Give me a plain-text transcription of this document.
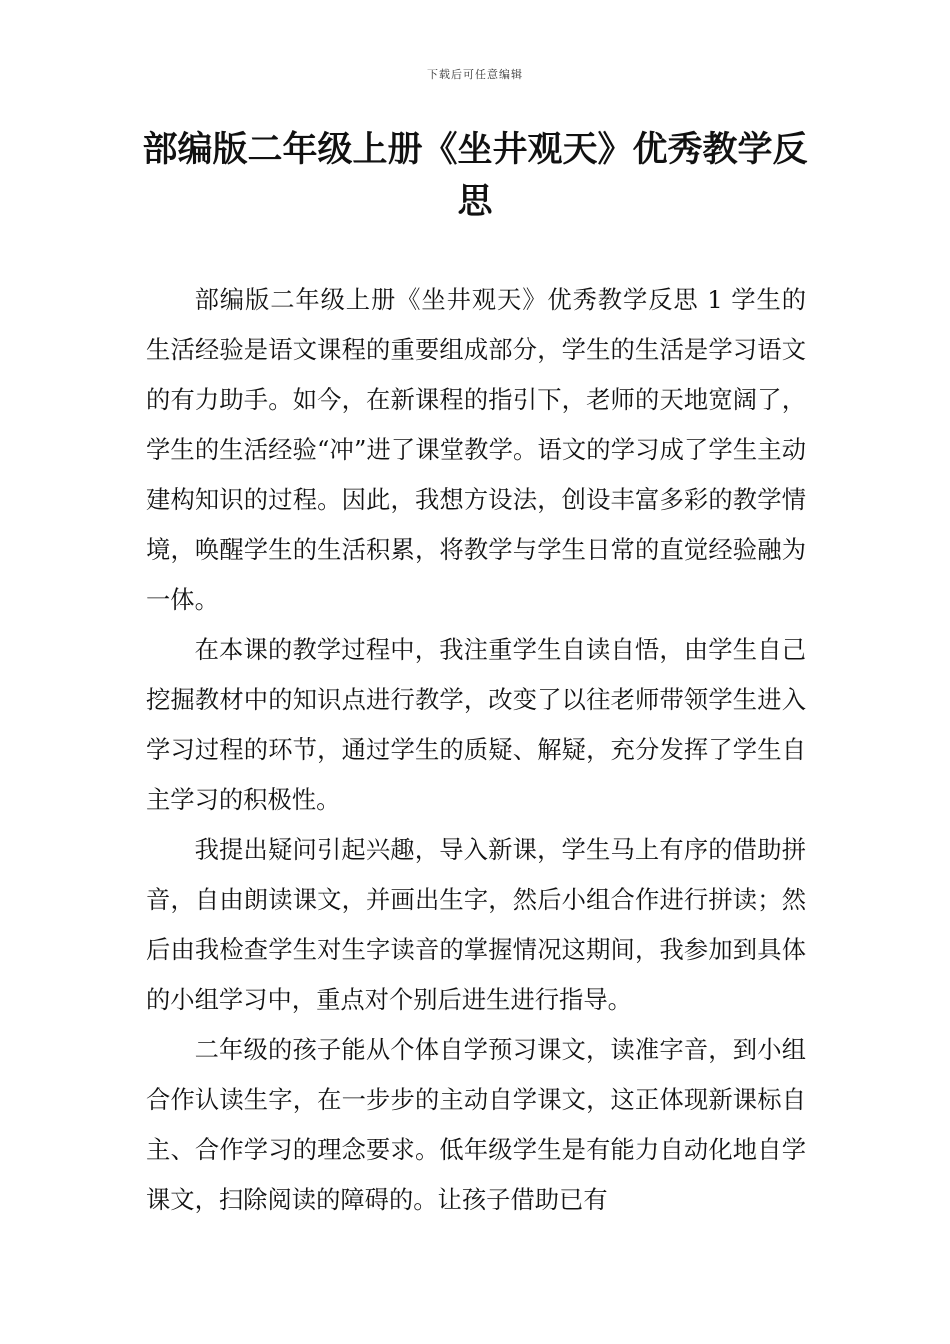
下载后可任意编辑
部编版二年级上册《坐井观天》优秀教学反思

部编版二年级上册《坐井观天》优秀教学反思 1 学生的生活经验是语文课程的重要组成部分，学生的生活是学习语文的有力助手。如今，在新课程的指引下，老师的天地宽阔了，学生的生活经验“冲”进了课堂教学。语文的学习成了学生主动建构知识的过程。因此，我想方设法，创设丰富多彩的教学情境，唤醒学生的生活积累，将教学与学生日常的直觉经验融为一体。

在本课的教学过程中，我注重学生自读自悟，由学生自己挖掘教材中的知识点进行教学，改变了以往老师带领学生进入学习过程的环节，通过学生的质疑、解疑，充分发挥了学生自主学习的积极性。

我提出疑问引起兴趣，导入新课，学生马上有序的借助拼音，自由朗读课文，并画出生字，然后小组合作进行拼读；然后由我检查学生对生字读音的掌握情况这期间，我参加到具体的小组学习中，重点对个别后进生进行指导。

二年级的孩子能从个体自学预习课文，读准字音，到小组合作认读生字，在一步步的主动自学课文，这正体现新课标自主、合作学习的理念要求。低年级学生是有能力自动化地自学课文，扫除阅读的障碍的。让孩子借助已有
